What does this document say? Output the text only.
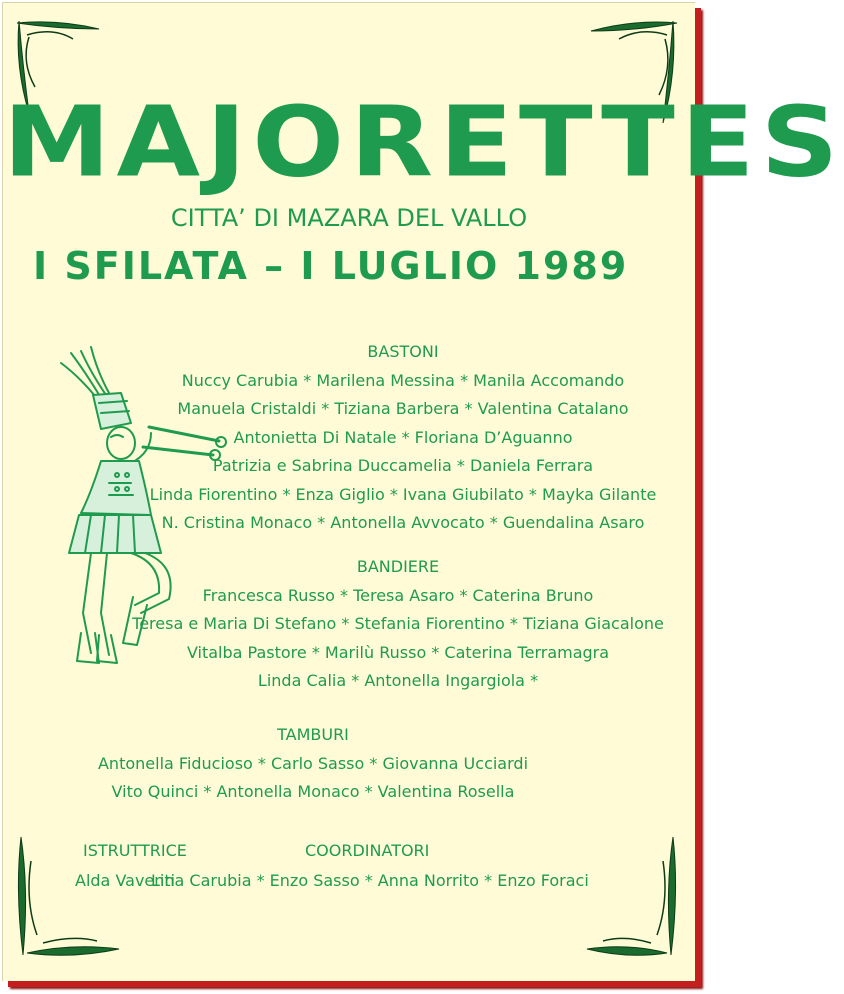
MAJORETTES
CITTA’ DI MAZARA DEL VALLO
I SFILATA – I LUGLIO 1989
BASTONI
Nuccy Carubia * Marilena Messina * Manila Accomando
Manuela Cristaldi * Tiziana Barbera * Valentina Catalano
Antonietta Di Natale * Floriana D’Aguanno
Patrizia e Sabrina Duccamelia * Daniela Ferrara
Linda Fiorentino * Enza Giglio * Ivana Giubilato * Mayka Gilante
N. Cristina Monaco * Antonella Avvocato * Guendalina Asaro
BANDIERE
Francesca Russo * Teresa Asaro * Caterina Bruno
Teresa e Maria Di Stefano * Stefania Fiorentino * Tiziana Giacalone
Vitalba Pastore * Marilù Russo * Caterina Terramagra
Linda Calia * Antonella Ingargiola *
TAMBURI
Antonella Fiducioso * Carlo Sasso * Giovanna Ucciardi
Vito Quinci * Antonella Monaco * Valentina Rosella
ISTRUTTRICE	COORDINATORI
Alda Vaventi
Lina Carubia * Enzo Sasso * Anna Norrito * Enzo Foraci
